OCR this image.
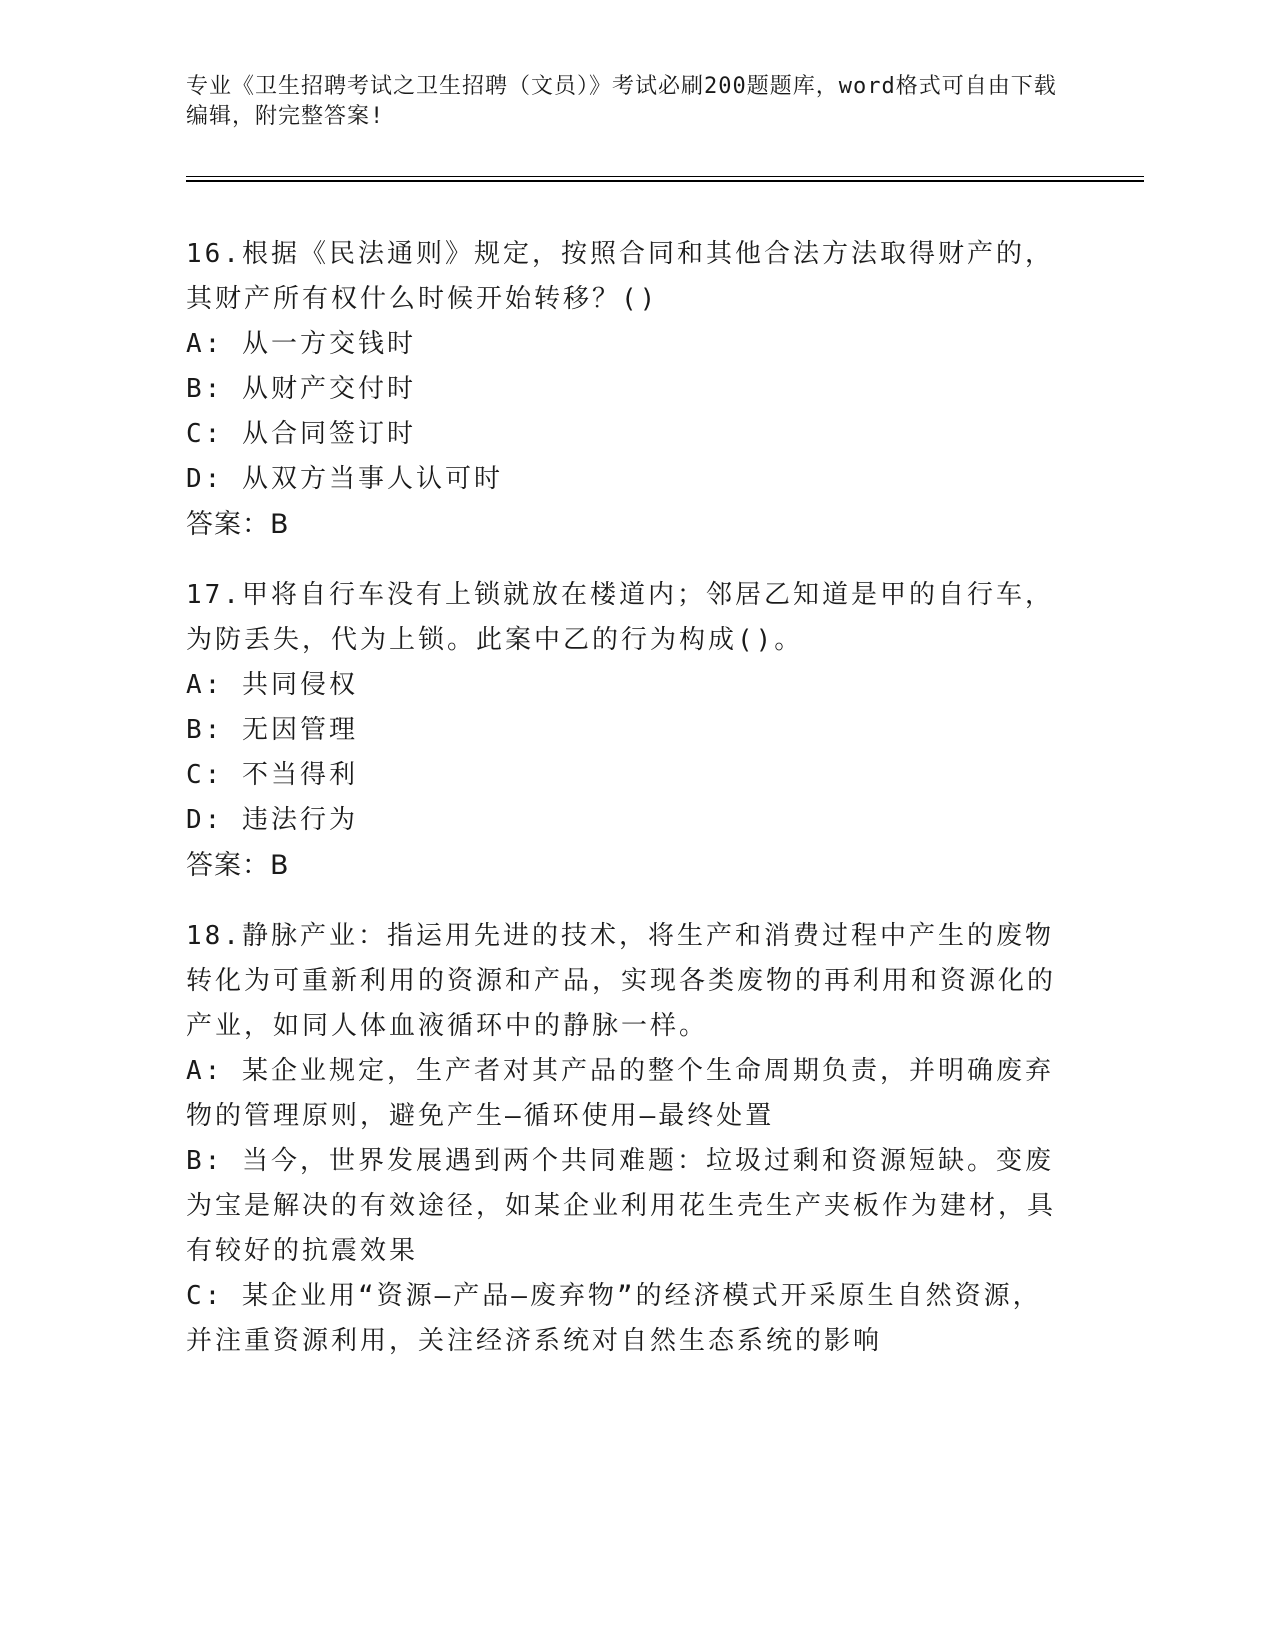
专业《卫生招聘考试之卫生招聘（文员）》考试必刷200题题库，word格式可自由下载编辑，附完整答案!

16.根据《民法通则》规定，按照合同和其他合法方法取得财产的，其财产所有权什么时候开始转移？()

A: 从一方交钱时

B: 从财产交付时

C: 从合同签订时

D: 从双方当事人认可时

答案：B

17.甲将自行车没有上锁就放在楼道内；邻居乙知道是甲的自行车，为防丢失，代为上锁。此案中乙的行为构成()。

A: 共同侵权

B: 无因管理

C: 不当得利

D: 违法行为

答案：B

18.静脉产业：指运用先进的技术，将生产和消费过程中产生的废物转化为可重新利用的资源和产品，实现各类废物的再利用和资源化的产业，如同人体血液循环中的静脉一样。

A: 某企业规定，生产者对其产品的整个生命周期负责，并明确废弃物的管理原则，避免产生—循环使用—最终处置

B: 当今，世界发展遇到两个共同难题：垃圾过剩和资源短缺。变废为宝是解决的有效途径，如某企业利用花生壳生产夹板作为建材，具有较好的抗震效果

C: 某企业用“资源—产品—废弃物”的经济模式开采原生自然资源，并注重资源利用，关注经济系统对自然生态系统的影响
